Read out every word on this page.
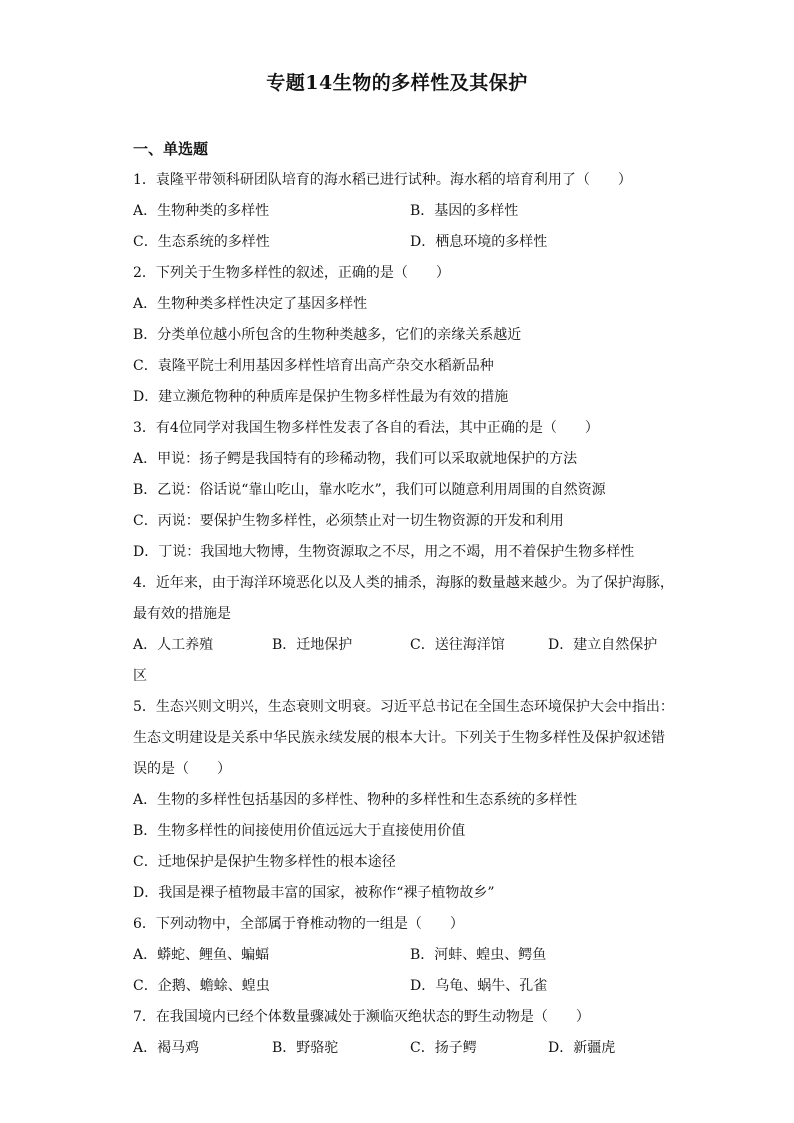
专题14生物的多样性及其保护
一、单选题
1．袁隆平带领科研团队培育的海水稻已进行试种。海水稻的培育利用了（　　）
A．生物种类的多样性	B．基因的多样性
C．生态系统的多样性	D．栖息环境的多样性
2．下列关于生物多样性的叙述，正确的是（　　）
A．生物种类多样性决定了基因多样性
B．分类单位越小所包含的生物种类越多，它们的亲缘关系越近
C．袁隆平院士利用基因多样性培育出高产杂交水稻新品种
D．建立濒危物种的种质库是保护生物多样性最为有效的措施
3．有4位同学对我国生物多样性发表了各自的看法，其中正确的是（　　）
A．甲说：扬子鳄是我国特有的珍稀动物，我们可以采取就地保护的方法
B．乙说：俗话说“靠山吃山，靠水吃水”，我们可以随意利用周围的自然资源
C．丙说：要保护生物多样性，必须禁止对一切生物资源的开发和利用
D．丁说：我国地大物博，生物资源取之不尽，用之不竭，用不着保护生物多样性
4．近年来，由于海洋环境恶化以及人类的捕杀，海豚的数量越来越少。为了保护海豚，
最有效的措施是
A．人工养殖	B．迁地保护	C．送往海洋馆	D．建立自然保护
区
5．生态兴则文明兴，生态衰则文明衰。习近平总书记在全国生态环境保护大会中指出：
生态文明建设是关系中华民族永续发展的根本大计。下列关于生物多样性及保护叙述错
误的是（　　）
A．生物的多样性包括基因的多样性、物种的多样性和生态系统的多样性
B．生物多样性的间接使用价值远远大于直接使用价值
C．迁地保护是保护生物多样性的根本途径
D．我国是裸子植物最丰富的国家，被称作“裸子植物故乡”
6．下列动物中，全部属于脊椎动物的一组是（　　）
A．蟒蛇、鲤鱼、蝙蝠	B．河蚌、蝗虫、鳄鱼
C．企鹅、蟾蜍、蝗虫	D．乌龟、蜗牛、孔雀
7．在我国境内已经个体数量骤减处于濒临灭绝状态的野生动物是（　　）
A．褐马鸡	B．野骆驼	C．扬子鳄	D．新疆虎
